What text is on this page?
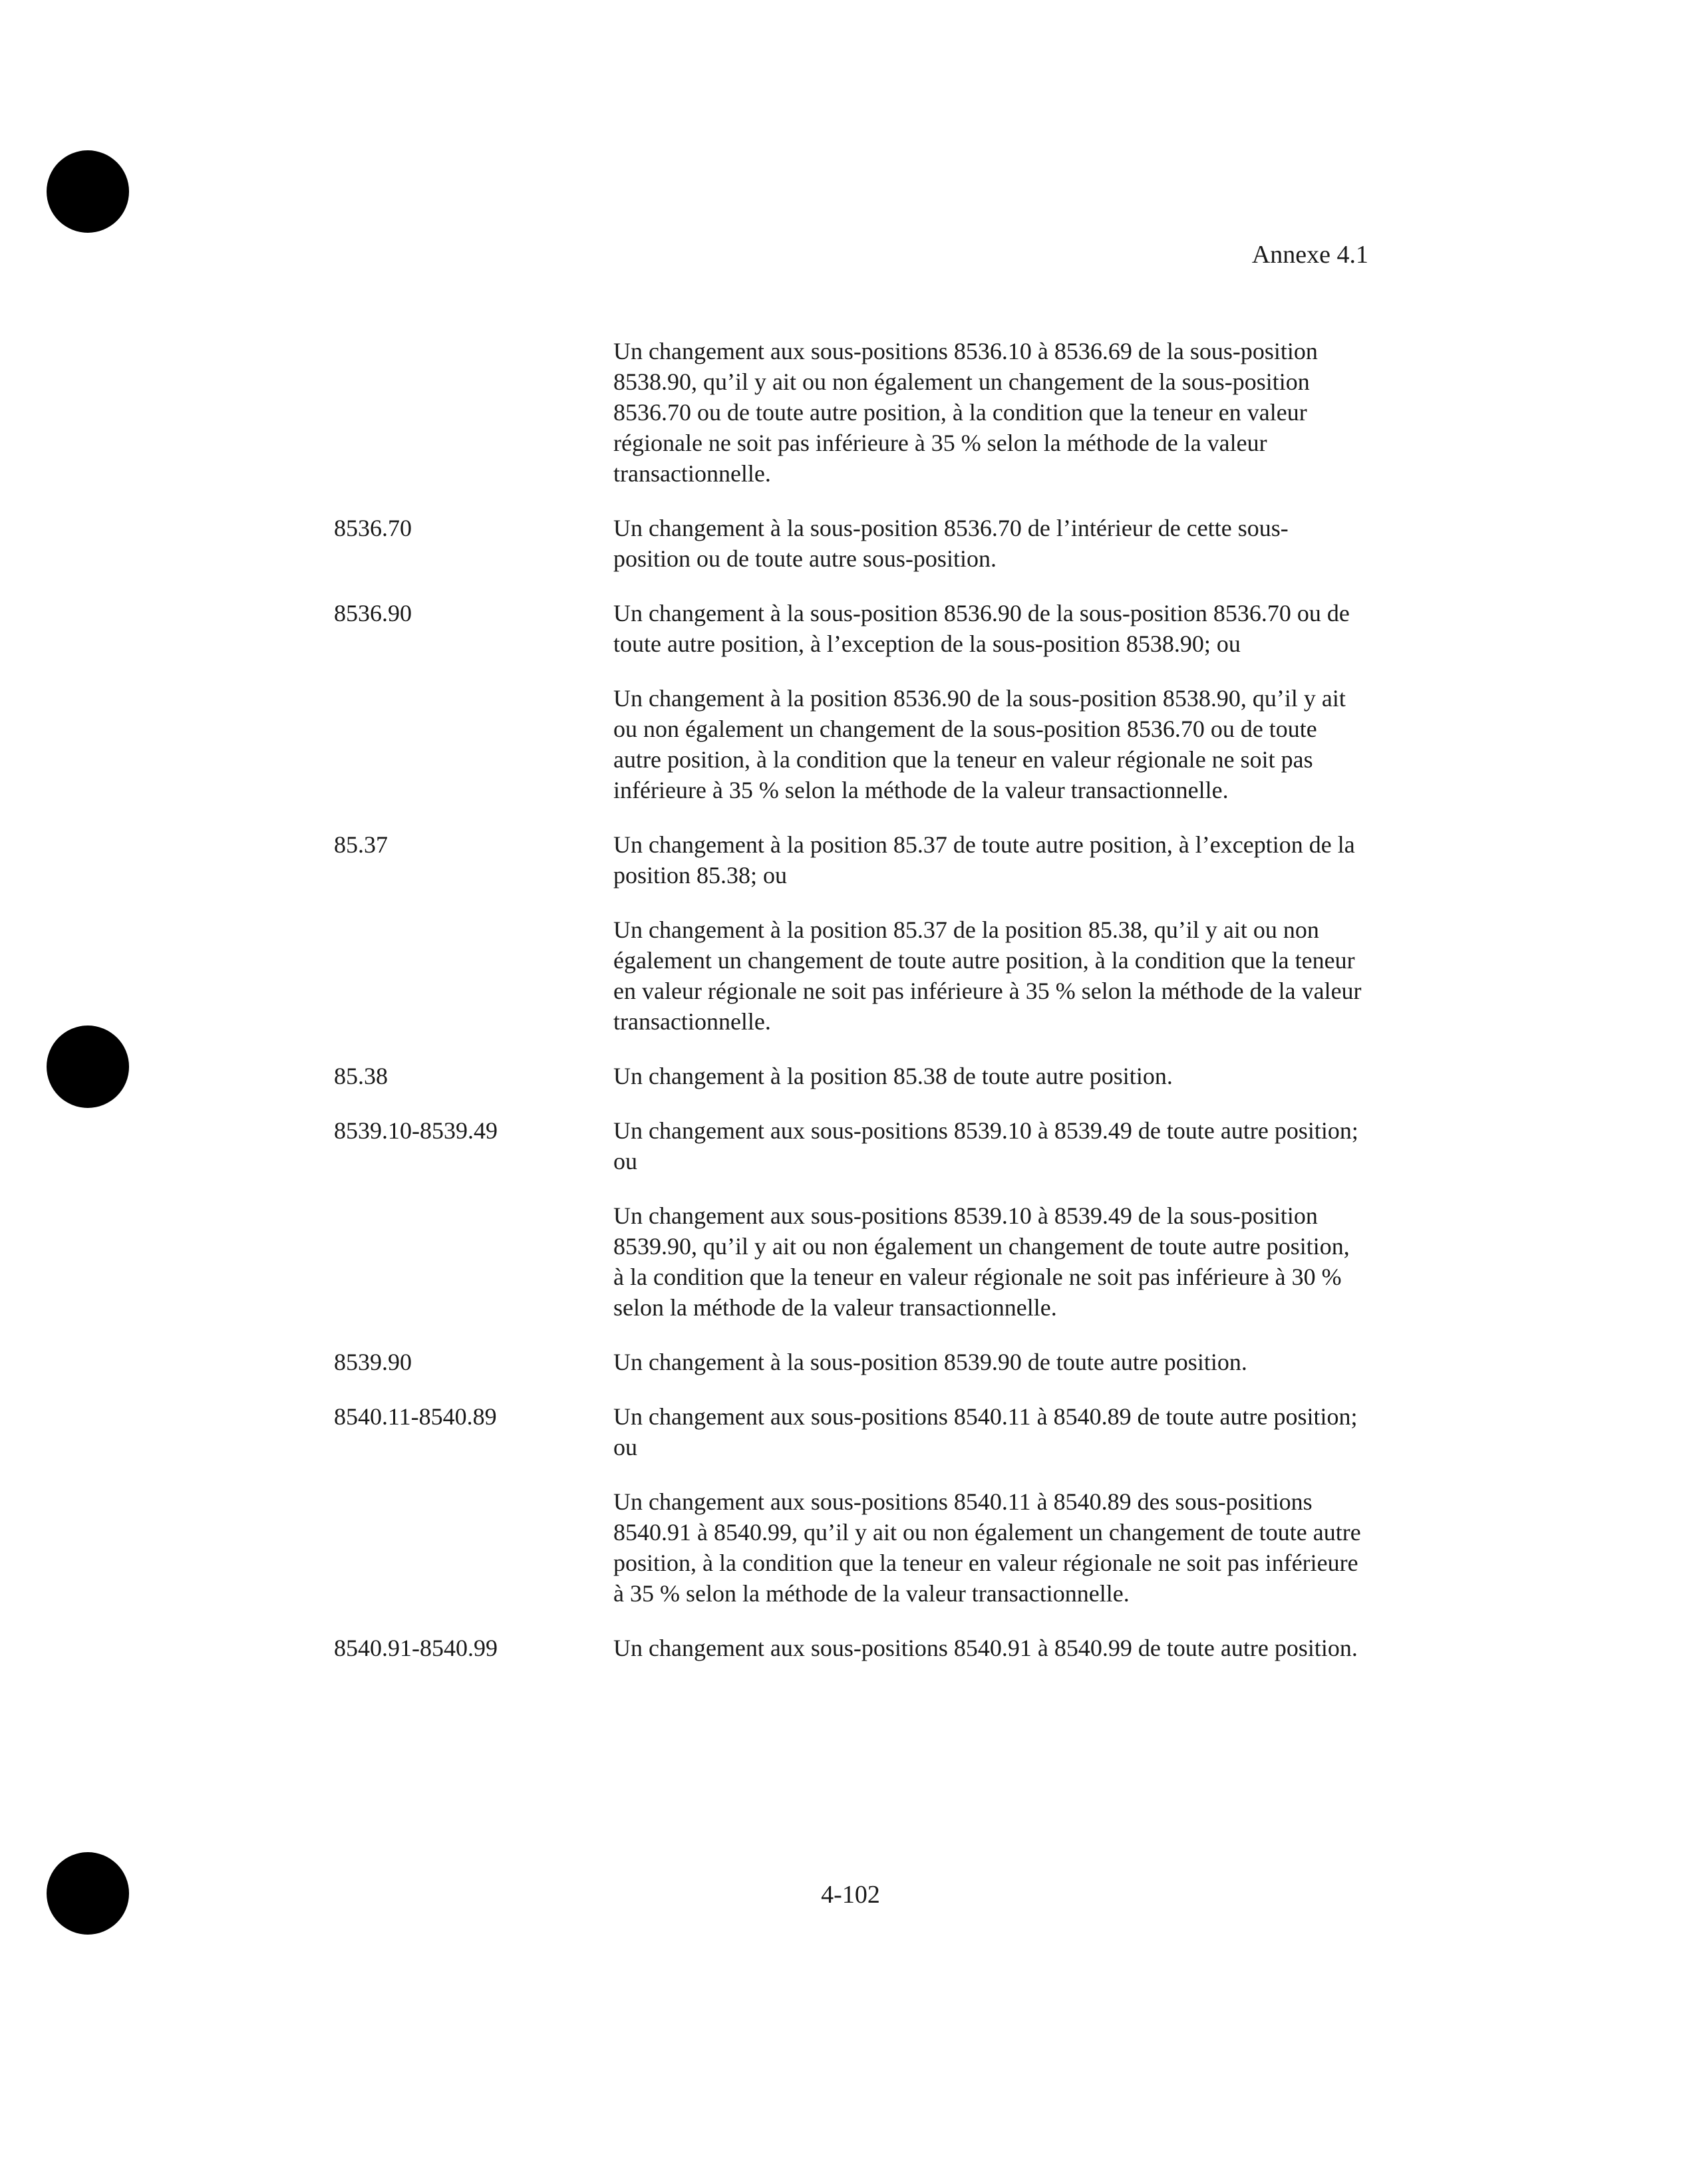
Annexe 4.1

Un changement aux sous-positions 8536.10 à 8536.69 de la sous-position 8538.90, qu’il y ait ou non également un changement de la sous-position 8536.70 ou de toute autre position, à la condition que la teneur en valeur régionale ne soit pas inférieure à 35 % selon la méthode de la valeur transactionnelle.

8536.70	Un changement à la sous-position 8536.70 de l’intérieur de cette sous-position ou de toute autre sous-position.

8536.90	Un changement à la sous-position 8536.90 de la sous-position 8536.70 ou de toute autre position, à l’exception de la sous-position 8538.90; ou

Un changement à la position 8536.90 de la sous-position 8538.90, qu’il y ait ou non également un changement de la sous-position 8536.70 ou de toute autre position, à la condition que la teneur en valeur régionale ne soit pas inférieure à 35 % selon la méthode de la valeur transactionnelle.

85.37	Un changement à la position 85.37 de toute autre position, à l’exception de la position 85.38; ou

Un changement à la position 85.37 de la position 85.38, qu’il y ait ou non également un changement de toute autre position, à la condition que la teneur en valeur régionale ne soit pas inférieure à 35 % selon la méthode de la valeur transactionnelle.

85.38	Un changement à la position 85.38 de toute autre position.

8539.10-8539.49	Un changement aux sous-positions 8539.10 à 8539.49 de toute autre position; ou

Un changement aux sous-positions 8539.10 à 8539.49 de la sous-position 8539.90, qu’il y ait ou non également un changement de toute autre position, à la condition que la teneur en valeur régionale ne soit pas inférieure à 30 % selon la méthode de la valeur transactionnelle.

8539.90	Un changement à la sous-position 8539.90 de toute autre position.

8540.11-8540.89	Un changement aux sous-positions 8540.11 à 8540.89 de toute autre position; ou

Un changement aux sous-positions 8540.11 à 8540.89 des sous-positions 8540.91 à 8540.99, qu’il y ait ou non également un changement de toute autre position, à la condition que la teneur en valeur régionale ne soit pas inférieure à 35 % selon la méthode de la valeur transactionnelle.

8540.91-8540.99	Un changement aux sous-positions 8540.91 à 8540.99 de toute autre position.

4-102
